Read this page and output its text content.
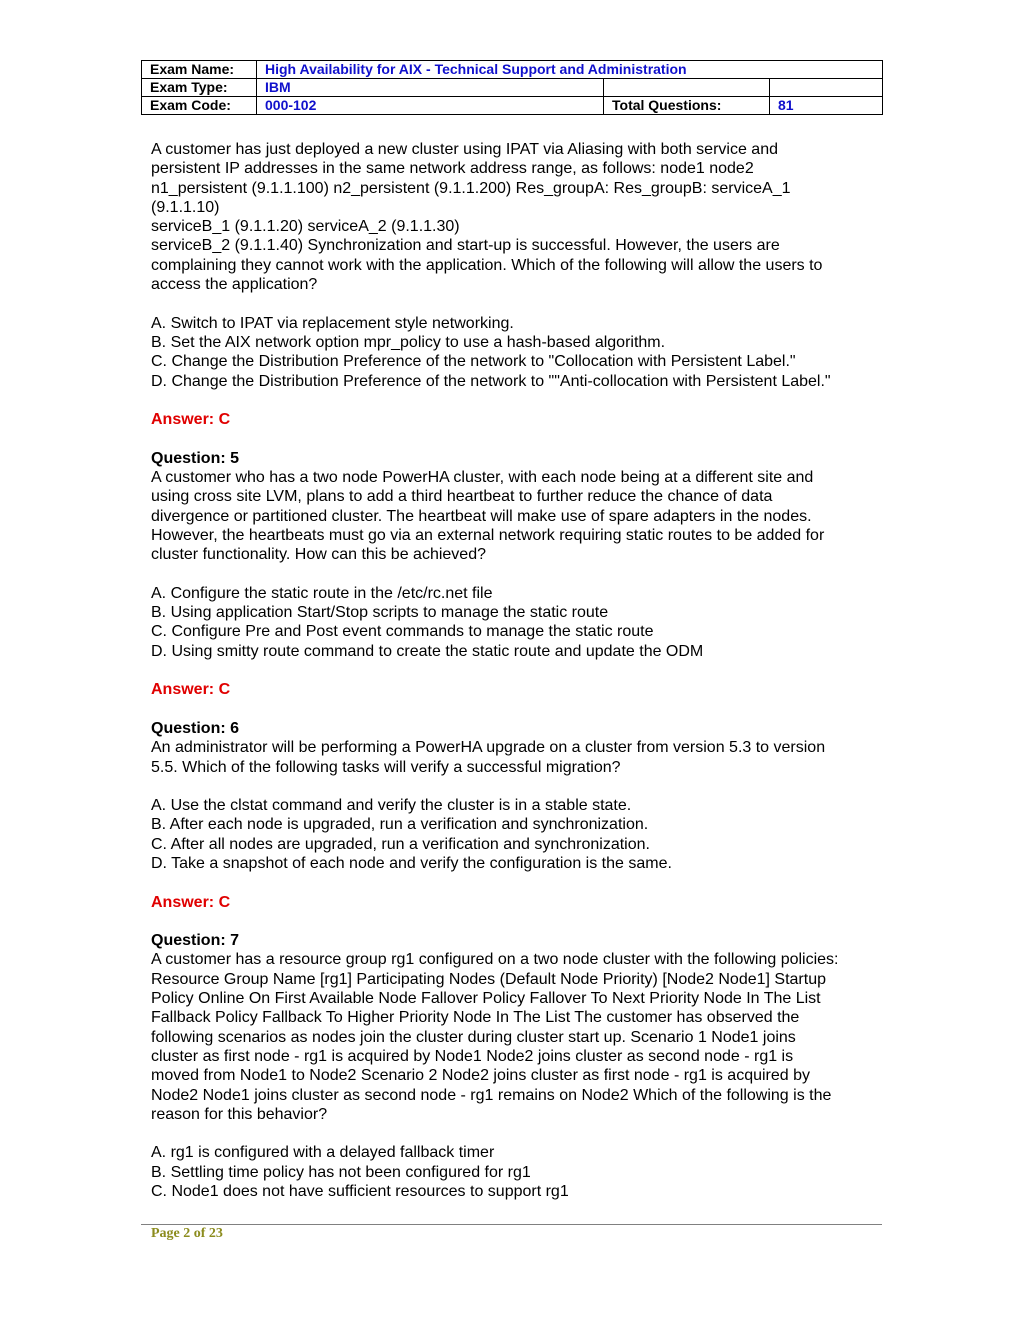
Exam Name:	High Availability for AIX - Technical Support and Administration		
Exam Type:	IBM		
Exam Code:	000-102	Total Questions:	81

A customer has just deployed a new cluster using IPAT via Aliasing with both service and

persistent IP addresses in the same network address range, as follows: node1 node2

n1_persistent (9.1.1.100) n2_persistent (9.1.1.200) Res_groupA: Res_groupB: serviceA_1

(9.1.1.10)

serviceB_1 (9.1.1.20) serviceA_2 (9.1.1.30)

serviceB_2 (9.1.1.40) Synchronization and start-up is successful. However, the users are

complaining they cannot work with the application. Which of the following will allow the users to

access the application?

A. Switch to IPAT via replacement style networking.

B. Set the AIX network option mpr_policy to use a hash-based algorithm.

C. Change the Distribution Preference of the network to "Collocation with Persistent Label."

D. Change the Distribution Preference of the network to ""Anti-collocation with Persistent Label."

Answer: C

Question: 5

A customer who has a two node PowerHA cluster, with each node being at a different site and

using cross site LVM, plans to add a third heartbeat to further reduce the chance of data

divergence or partitioned cluster. The heartbeat will make use of spare adapters in the nodes.

However, the heartbeats must go via an external network requiring static routes to be added for

cluster functionality. How can this be achieved?

A. Configure the static route in the /etc/rc.net file

B. Using application Start/Stop scripts to manage the static route

C. Configure Pre and Post event commands to manage the static route

D. Using smitty route command to create the static route and update the ODM

Answer: C

Question: 6

An administrator will be performing a PowerHA upgrade on a cluster from version 5.3 to version

5.5. Which of the following tasks will verify a successful migration?

A. Use the clstat command and verify the cluster is in a stable state.

B. After each node is upgraded, run a verification and synchronization.

C. After all nodes are upgraded, run a verification and synchronization.

D. Take a snapshot of each node and verify the configuration is the same.

Answer: C

Question: 7

A customer has a resource group rg1 configured on a two node cluster with the following policies:

Resource Group Name [rg1] Participating Nodes (Default Node Priority) [Node2 Node1] Startup

Policy Online On First Available Node Fallover Policy Fallover To Next Priority Node In The List

Fallback Policy Fallback To Higher Priority Node In The List The customer has observed the

following scenarios as nodes join the cluster during cluster start up. Scenario 1 Node1 joins

cluster as first node - rg1 is acquired by Node1 Node2 joins cluster as second node - rg1 is

moved from Node1 to Node2 Scenario 2 Node2 joins cluster as first node - rg1 is acquired by

Node2 Node1 joins cluster as second node - rg1 remains on Node2 Which of the following is the

reason for this behavior?

A. rg1 is configured with a delayed fallback timer

B. Settling time policy has not been configured for rg1

C. Node1 does not have sufficient resources to support rg1

Page 2 of 23
